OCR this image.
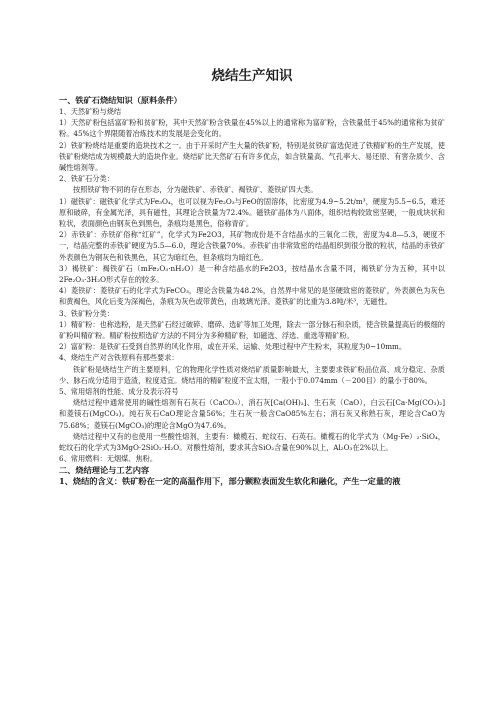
烧结生产知识
一、铁矿石烧结知识（原料条件）
1、天然矿粉与烧结
1）天然矿粉包括富矿粉和贫矿粉，其中天然矿粉含铁量在45%以上的通常称为富矿粉，含铁量低于45%的通常称为贫矿粉。45%这个界限随着冶炼技术的发展是会变化的。
2）铁矿粉烧结是重要的造块技术之一。由于开采时产生大量的铁矿粉，特别是贫铁矿富选促进了铁精矿粉的生产发展，使铁矿粉烧结成为规模最大的造块作业。烧结矿比天然矿石有许多优点，如含铁量高、气孔率大、易还原、有害杂质少、含碱性熔剂等。
2、铁矿石分类：
按照铁矿物不同的存在形态，分为磁铁矿、赤铁矿、褐铁矿、菱铁矿四大类。
1）磁铁矿：磁铁矿化学式为Fe₃O₄，也可以视为Fe₂O₃与FeO的固溶体，比密度为4.9~5.2t/m³，硬度为5.5~6.5，难还原和破碎，有金属光泽，具有磁性，其理论含铁量为72.4%。磁铁矿晶体为八面体，组织结构较致密坚硬，一般成块状和粒状，表面颜色由钢灰色到黑色，条痕均是黑色，俗称青矿。
2）赤铁矿：赤铁矿俗称“红矿”，化学式为Fe2O3，其矿物成份是不含结晶水的三氧化二铁，密度为4.8—5.3，硬度不一，结晶完整的赤铁矿硬度为5.5—6.0，理论含铁量70%。赤铁矿由非常致密的结晶组织到很分散的粒状，结晶的赤铁矿外表颜色为钢灰色和铁黑色，其它为暗红色，但条痕均为暗红色。
3）褐铁矿：褐铁矿石（mFe₂O₃·nH₂O）是一种含结晶水的Fe2O3，按结晶水含量不同，褐铁矿分为五种，其中以2Fe₂O₃·3H₂O形式存在的较多。
4）菱铁矿：菱铁矿石的化学式为FeCO₃，理论含铁量为48.2%，自然界中常见的是坚硬致密的菱铁矿，外表颜色为灰色和黄褐色，风化后变为深褐色，条痕为灰色或带黄色，由玻璃光泽。菱铁矿的比重为3.8吨/米³，无磁性。
3、铁矿粉分类：
1）精矿粉：也称选粉，是天然矿石经过破碎、磨碎、选矿等加工处理，除去一部分脉石和杂质，使含铁量提高后的极细的矿粉叫精矿粉。精矿粉按照选矿方法的不同分为多种精矿粉，如磁选、浮选、重选等精矿粉。
2）富矿粉：是铁矿石受到自然界的风化作用，或在开采、运输、处理过程中产生粉末，其粒度为0~10mm。
4、烧结生产对含铁原料有那些要求：
铁矿粉是烧结生产的主要原料，它的物理化学性质对烧结矿质量影响最大，主要要求铁矿粉品位高、成分稳定、杂质少、脉石成分适用于造渣，粒度适宜。烧结用的精矿粒度不宜太细，一般小于0.074mm（－200目）的量小于80%。
5、常用熔剂的性能、成分及表示符号
烧结过程中通常使用的碱性熔剂有石灰石（CaCO₃）、消石灰[Ca(OH)₂]、生石灰（CaO），白云石[Ca·Mg(CO₃)₂]和菱镁石(MgCO₃)。纯石灰石CaO理论含量56%；生石灰一般含CaO85%左右；消石灰又称熟石灰，理论含CaO为75.68%；菱镁石(MgCO₃)的理论含MgO为47.6%。
烧结过程中又有的也使用一些酸性熔剂，主要有：橄榄石、蛇纹石、石英石。橄榄石的化学式为（Mg·Fe）₂·SiO₄，蛇纹石的化学式为3MgO·2SiO₂·H₂O。对酸性熔剂，要求其含SiO₂含量在90%以上，Al₂O₃在2%以上。
6、常用燃料：无烟煤、焦粉。
二、烧结理论与工艺内容
1、烧结的含义：铁矿粉在一定的高温作用下，部分颗粒表面发生软化和融化，产生一定量的液
